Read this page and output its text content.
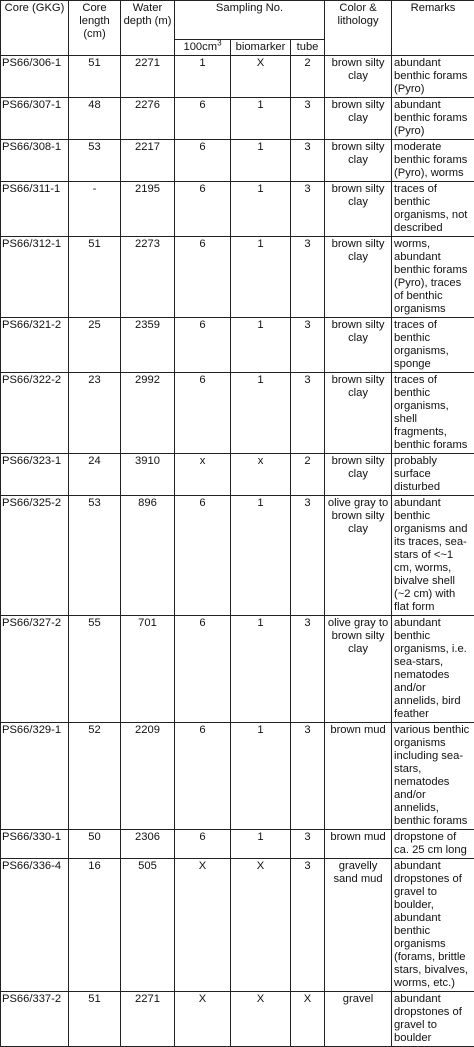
Core (GKG)	Core length (cm)	Water depth (m)	Sampling No.			Color & lithology	Remarks
			$100cm^3$	biomarker	tube		
PS66/306-1	51	2271	1	X	2	brown silty clay	abundant benthic forams (Pyro)
PS66/307-1	48	2276	6	1	3	brown silty clay	abundant benthic forams (Pyro)
PS66/308-1	53	2217	6	1	3	brown silty clay	moderate benthic forams (Pyro), worms
PS66/311-1	-	2195	6	1	3	brown silty clay	traces of benthic organisms, not described
PS66/312-1	51	2273	6	1	3	brown silty clay	worms, abundant benthic forams (Pyro), traces of benthic organisms
PS66/321-2	25	2359	6	1	3	brown silty clay	traces of benthic organisms, sponge
PS66/322-2	23	2992	6	1	3	brown silty clay	traces of benthic organisms, shell fragments, benthic forams
PS66/323-1	24	3910	x	x	2	brown silty clay	probably surface disturbed
PS66/325-2	53	896	6	1	3	olive gray to brown silty clay	abundant benthic organisms and its traces, sea-stars of <~1 cm, worms, bivalve shell (~2 cm) with flat form
PS66/327-2	55	701	6	1	3	olive gray to brown silty clay	abundant benthic organisms, i.e. sea-stars, nematodes and/or annelids, bird feather
PS66/329-1	52	2209	6	1	3	brown mud	various benthic organisms including sea-stars, nematodes and/or annelids, benthic forams
PS66/330-1	50	2306	6	1	3	brown mud	dropstone of ca. 25 cm long
PS66/336-4	16	505	X	X	3	gravelly sand mud	abundant dropstones of gravel to boulder, abundant benthic organisms (forams, brittle stars, bivalves, worms, etc.)
PS66/337-2	51	2271	X	X	X	gravel	abundant dropstones of gravel to boulder
